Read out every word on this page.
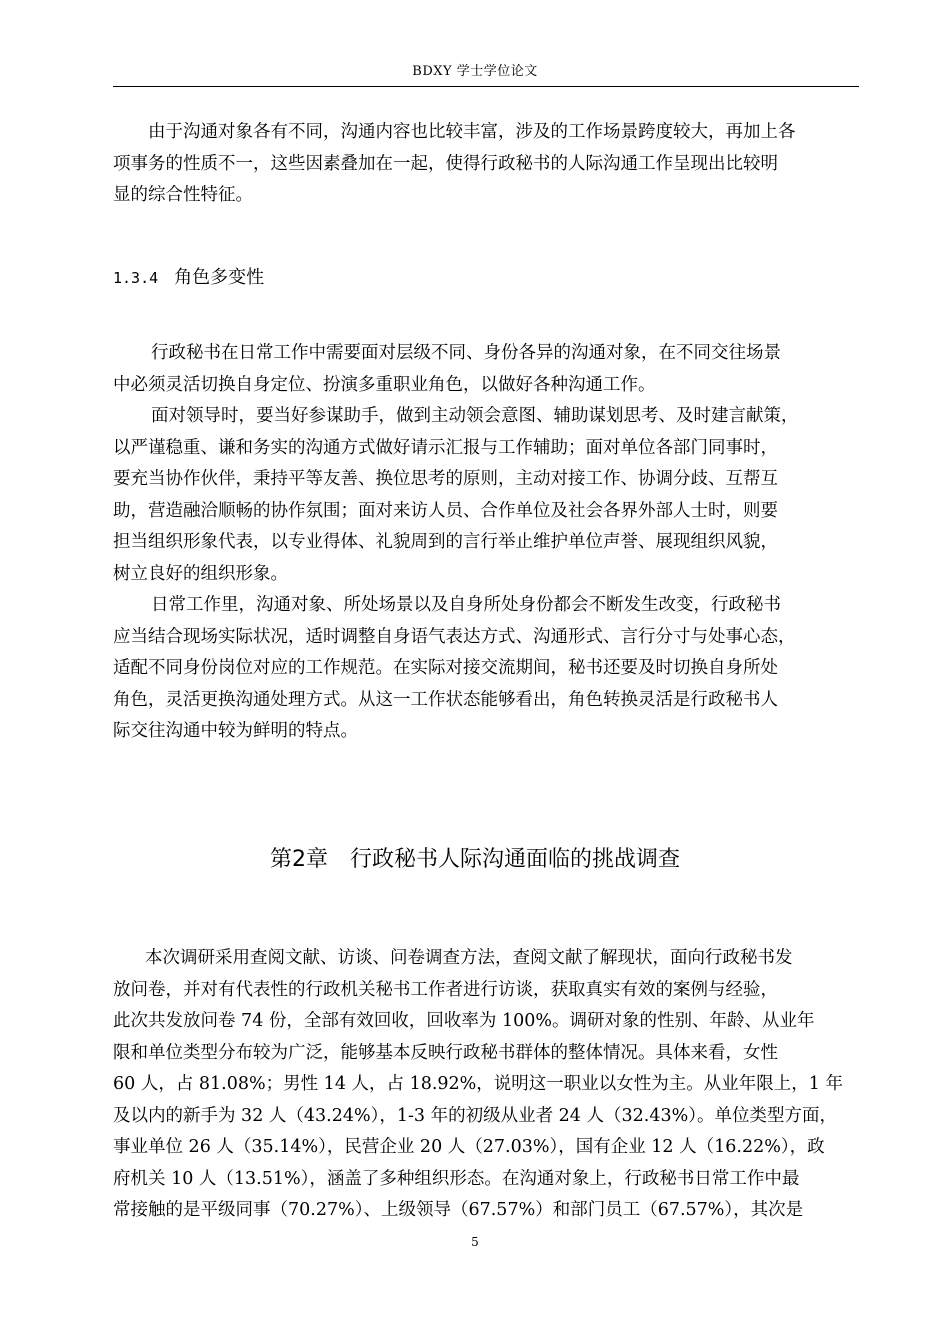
BDXY 学士学位论文

由于沟通对象各有不同，沟通内容也比较丰富，涉及的工作场景跨度较大，再加上各
项事务的性质不一，这些因素叠加在一起，使得行政秘书的人际沟通工作呈现出比较明
显的综合性特征。

1.3.4 角色多变性

行政秘书在日常工作中需要面对层级不同、身份各异的沟通对象，在不同交往场景
中必须灵活切换自身定位、扮演多重职业角色，以做好各种沟通工作。

面对领导时，要当好参谋助手，做到主动领会意图、辅助谋划思考、及时建言献策，
以严谨稳重、谦和务实的沟通方式做好请示汇报与工作辅助；面对单位各部门同事时，
要充当协作伙伴，秉持平等友善、换位思考的原则，主动对接工作、协调分歧、互帮互
助，营造融洽顺畅的协作氛围；面对来访人员、合作单位及社会各界外部人士时，则要
担当组织形象代表，以专业得体、礼貌周到的言行举止维护单位声誉、展现组织风貌，
树立良好的组织形象。

日常工作里，沟通对象、所处场景以及自身所处身份都会不断发生改变，行政秘书
应当结合现场实际状况，适时调整自身语气表达方式、沟通形式、言行分寸与处事心态，
适配不同身份岗位对应的工作规范。在实际对接交流期间，秘书还要及时切换自身所处
角色，灵活更换沟通处理方式。从这一工作状态能够看出，角色转换灵活是行政秘书人
际交往沟通中较为鲜明的特点。

第2章 行政秘书人际沟通面临的挑战调查

本次调研采用查阅文献、访谈、问卷调查方法，查阅文献了解现状，面向行政秘书发
放问卷，并对有代表性的行政机关秘书工作者进行访谈，获取真实有效的案例与经验，
此次共发放问卷 74 份，全部有效回收，回收率为 100%。调研对象的性别、年龄、从业年
限和单位类型分布较为广泛，能够基本反映行政秘书群体的整体情况。具体来看，女性
60 人，占 81.08%；男性 14 人，占 18.92%，说明这一职业以女性为主。从业年限上，1 年
及以内的新手为 32 人（43.24%），1-3 年的初级从业者 24 人（32.43%）。单位类型方面，
事业单位 26 人（35.14%），民营企业 20 人（27.03%），国有企业 12 人（16.22%），政
府机关 10 人（13.51%），涵盖了多种组织形态。在沟通对象上，行政秘书日常工作中最
常接触的是平级同事（70.27%）、上级领导（67.57%）和部门员工（67.57%），其次是

5
